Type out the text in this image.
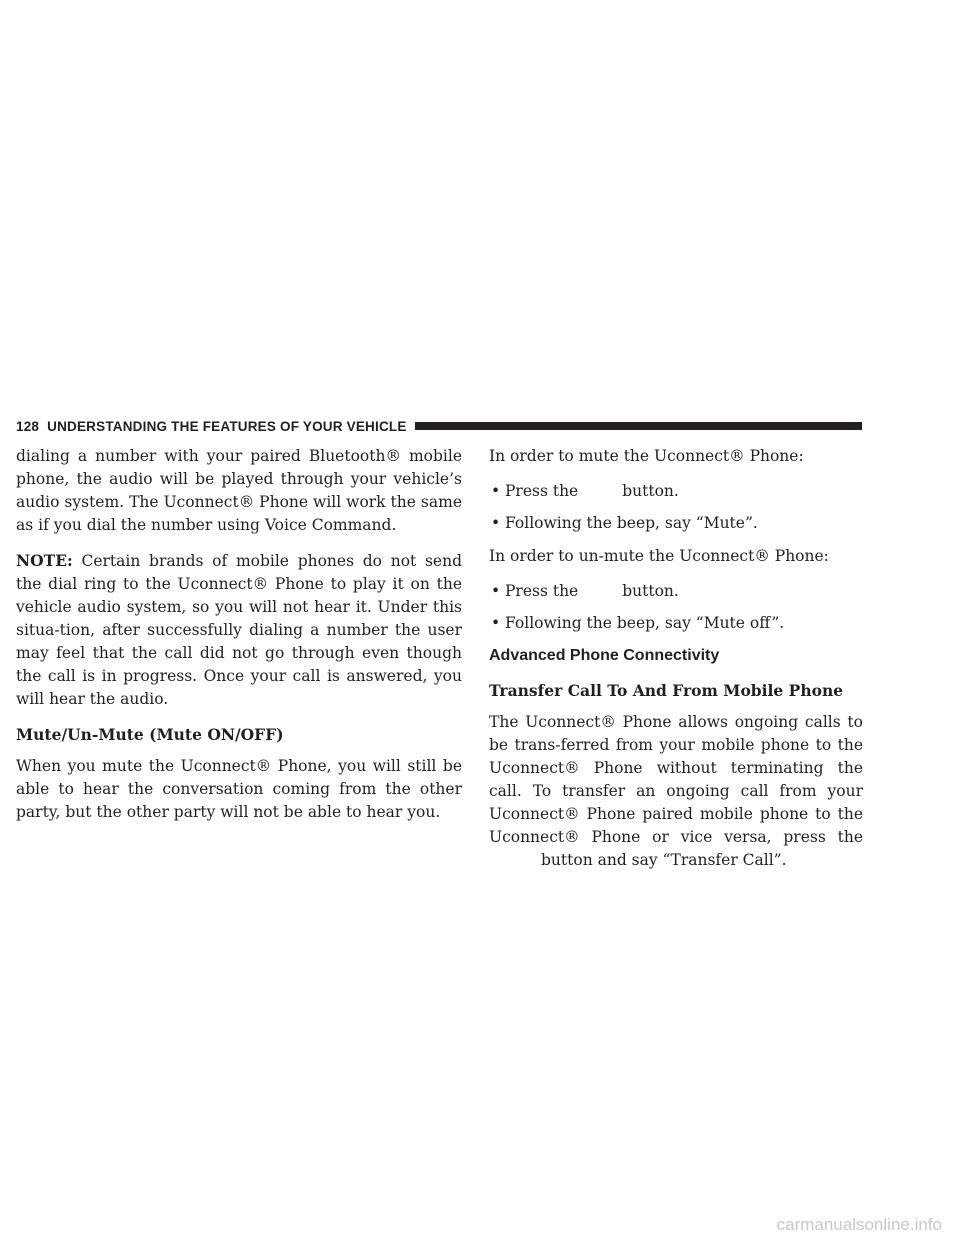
128 UNDERSTANDING THE FEATURES OF YOUR VEHICLE

dialing a number with your paired Bluetooth® mobile phone, the audio will be played through your vehicle’s audio system. The Uconnect® Phone will work the same as if you dial the number using Voice Command.

NOTE: Certain brands of mobile phones do not send the dial ring to the Uconnect® Phone to play it on the vehicle audio system, so you will not hear it. Under this situa-tion, after successfully dialing a number the user may feel that the call did not go through even though the call is in progress. Once your call is answered, you will hear the audio.

Mute/Un-Mute (Mute ON/OFF)

When you mute the Uconnect® Phone, you will still be able to hear the conversation coming from the other party, but the other party will not be able to hear you.

In order to mute the Uconnect® Phone:

• Press the	button.
• Following the beep, say “Mute”.

In order to un-mute the Uconnect® Phone:

• Press the	button.
• Following the beep, say “Mute off”.
Advanced Phone Connectivity
Transfer Call To And From Mobile Phone

The Uconnect® Phone allows ongoing calls to be trans-ferred from your mobile phone to the Uconnect® Phone without terminating the call. To transfer an ongoing call from your Uconnect® Phone paired mobile phone to the Uconnect® Phone or vice versa, press thebutton and say “Transfer Call”.

carmanualsonline.info
